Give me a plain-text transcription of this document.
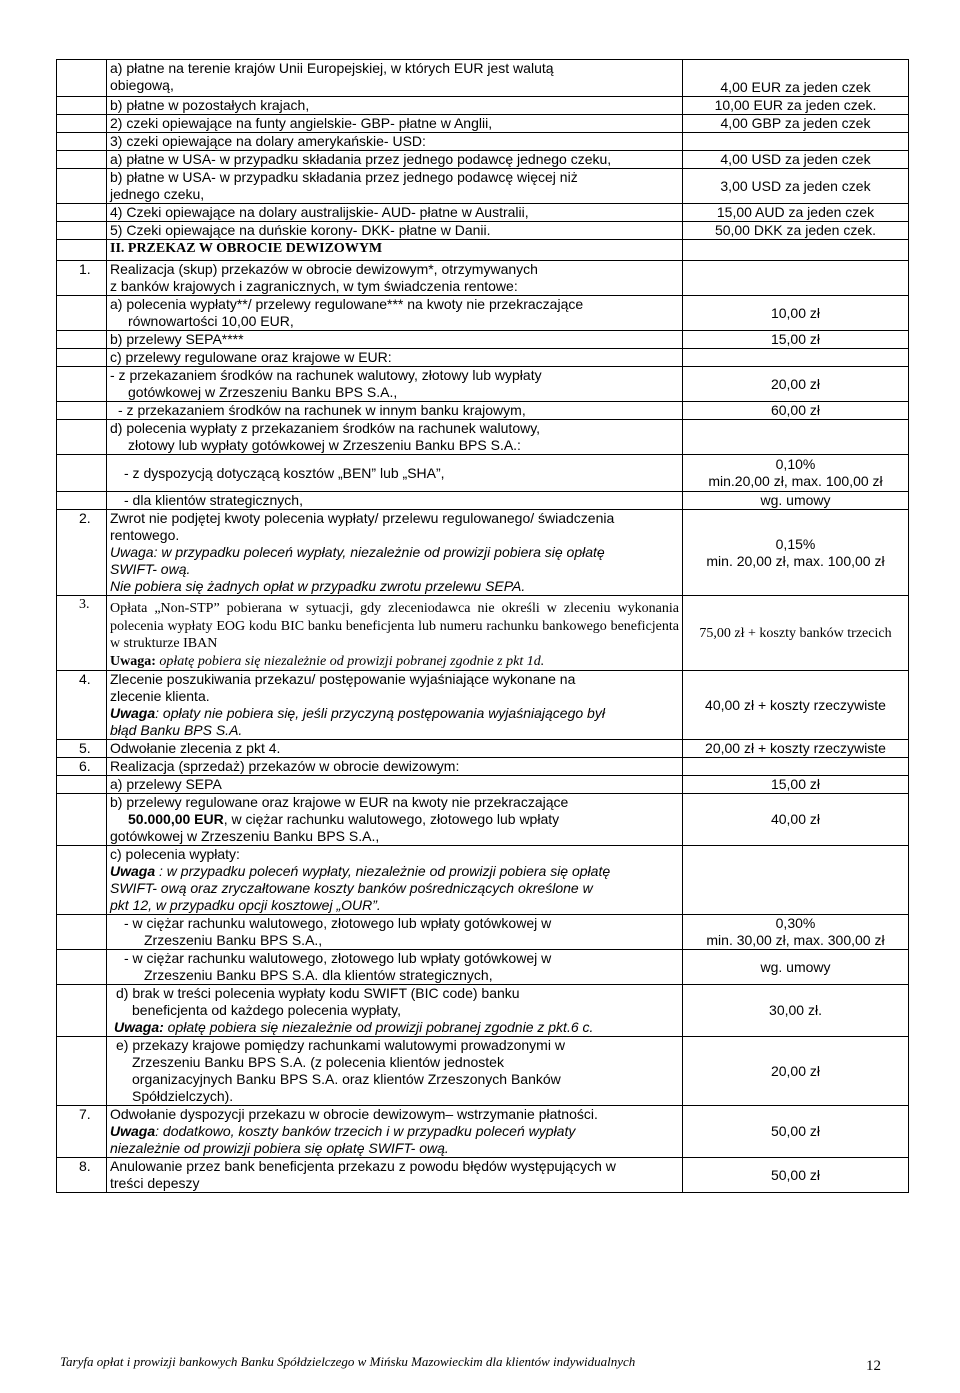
	a) płatne na terenie krajów Unii Europejskiej, w których EUR jest walutą
obiegową,	4,00 EUR za jeden czek
	b) płatne w pozostałych krajach,	10,00 EUR za jeden czek.
	2) czeki opiewające na funty angielskie- GBP- płatne w Anglii,	4,00 GBP za jeden czek
	3) czeki opiewające na dolary amerykańskie- USD:	
	a) płatne w USA- w przypadku składania przez jednego podawcę jednego czeku,	4,00 USD za jeden czek

	b) płatne w USA- w przypadku składania przez jednego podawcę więcej niż
jednego czeku,	3,00 USD za jeden czek
	4) Czeki opiewające na dolary australijskie- AUD- płatne w Australii,	15,00 AUD za jeden czek
	5) Czeki opiewające na duńskie korony- DKK- płatne w Danii.	50,00 DKK za jeden czek.
	II. PRZEKAZ W OBROCIE DEWIZOWYM	
1.	Realizacja (skup) przekazów w obrocie dewizowym*, otrzymywanych
z banków krajowych i zagranicznych, w tym świadczenia rentowe:	

	a) polecenia wypłaty**/ przelewy regulowane*** na kwoty nie przekraczające
równowartości 10,00 EUR,	10,00 zł
	b) przelewy SEPA****	15,00 zł
	c) przelewy regulowane oraz krajowe w EUR:	

	- z przekazaniem środków na rachunek walutowy, złotowy lub wypłaty
gotówkowej w Zrzeszeniu Banku BPS S.A.,	20,00 zł

	- z przekazaniem środków na rachunek w innym banku krajowym,	60,00 zł

	d) polecenia wypłaty z przekazaniem środków na rachunek walutowy,
złotowy lub wypłaty gotówkowej w Zrzeszeniu Banku BPS S.A.:	

	- z dyspozycją dotyczącą kosztów „BEN” lub „SHA”,	0,10%
min.20,00 zł, max. 100,00 zł

	- dla klientów strategicznych,	wg. umowy
2.	Zwrot nie podjętej kwoty polecenia wypłaty/ przelewu regulowanego/ świadczenia
rentowego.
Uwaga: w przypadku poleceń wypłaty, niezależnie od prowizji pobiera się opłatę
SWIFT- ową.
Nie pobiera się żadnych opłat w przypadku zwrotu przelewu SEPA.	0,15%
min. 20,00 zł, max. 100,00 zł

3.	Opłata „Non-STP” pobierana w sytuacji, gdy zleceniodawca nie określi w zleceniu wykonania polecenia wypłaty EOG kodu BIC banku beneficjenta lub numeru rachunku bankowego beneficjenta w strukturze IBAN
Uwaga: opłatę pobiera się niezależnie od prowizji pobranej zgodnie z pkt 1d.	75,00 zł + koszty banków trzecich
4.	Zlecenie poszukiwania przekazu/ postępowanie wyjaśniające wykonane na
zlecenie klienta.
Uwaga: opłaty nie pobiera się, jeśli przyczyną postępowania wyjaśniającego był
błąd Banku BPS S.A.	40,00 zł + koszty rzeczywiste
5.	Odwołanie zlecenia z pkt 4.	20,00 zł + koszty rzeczywiste
6.	Realizacja (sprzedaż) przekazów w obrocie dewizowym:	
	a) przelewy SEPA	15,00 zł

	b) przelewy regulowane oraz krajowe w EUR na kwoty nie przekraczające
50.000,00 EUR, w ciężar rachunku walutowego, złotowego lub wpłaty
gotówkowej w Zrzeszeniu Banku BPS S.A.,	40,00 zł

	c) polecenia wypłaty:
Uwaga : w przypadku poleceń wypłaty, niezależnie od prowizji pobiera się opłatę
SWIFT- ową oraz zryczałtowane koszty banków pośredniczących określone w
pkt 12, w przypadku opcji kosztowej „OUR”.	

	- w ciężar rachunku walutowego, złotowego lub wpłaty gotówkowej w
Zrzeszeniu Banku BPS S.A.,	0,30%
min. 30,00 zł, max. 300,00 zł

	- w ciężar rachunku walutowego, złotowego lub wpłaty gotówkowej w
Zrzeszeniu Banku BPS S.A. dla klientów strategicznych,	wg. umowy

	d) brak w treści polecenia wypłaty kodu SWIFT (BIC code) banku
beneficjenta od każdego polecenia wypłaty,
Uwaga: opłatę pobiera się niezależnie od prowizji pobranej zgodnie z pkt.6 c.	30,00 zł.

	e) przekazy krajowe pomiędzy rachunkami walutowymi prowadzonymi w
Zrzeszeniu Banku BPS S.A. (z polecenia klientów jednostek
organizacyjnych Banku BPS S.A. oraz klientów Zrzeszonych Banków
Spółdzielczych).	20,00 zł
7.	Odwołanie dyspozycji przekazu w obrocie dewizowym– wstrzymanie płatności.
Uwaga: dodatkowo, koszty banków trzecich i w przypadku poleceń wypłaty
niezależnie od prowizji pobiera się opłatę SWIFT- ową.	50,00 zł
8.	Anulowanie przez bank beneficjenta przekazu z powodu błędów występujących w
treści depeszy	50,00 zł
Taryfa opłat i prowizji bankowych Banku Spółdzielczego w Mińsku Mazowieckim dla klientów indywidualnych	12
